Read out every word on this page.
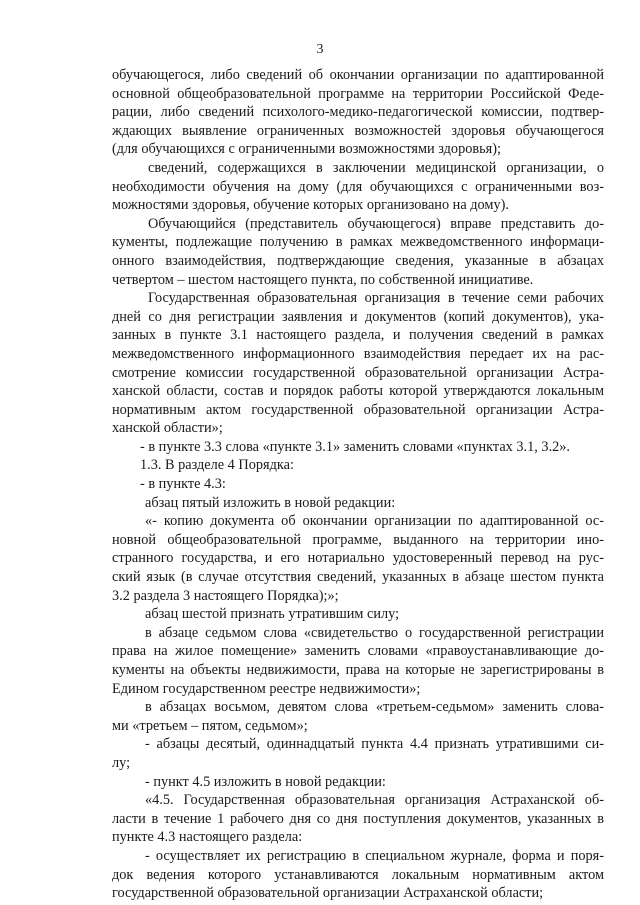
3
обучающегося, либо сведений об окончании организации по адаптированной
основной общеобразовательной программе на территории Российской Феде-
рации, либо сведений психолого-медико-педагогической комиссии, подтвер-
ждающих выявление ограниченных возможностей здоровья обучающегося
(для обучающихся с ограниченными возможностями здоровья);
сведений, содержащихся в заключении медицинской организации, о
необходимости обучения на дому (для обучающихся с ограниченными воз-
можностями здоровья, обучение которых организовано на дому).
Обучающийся (представитель обучающегося) вправе представить до-
кументы, подлежащие получению в рамках межведомственного информаци-
онного взаимодействия, подтверждающие сведения, указанные в абзацах
четвертом – шестом настоящего пункта, по собственной инициативе.
Государственная образовательная организация в течение семи рабочих
дней со дня регистрации заявления и документов (копий документов), ука-
занных в пункте 3.1 настоящего раздела, и получения сведений в рамках
межведомственного информационного взаимодействия передает их на рас-
смотрение комиссии государственной образовательной организации Астра-
ханской области, состав и порядок работы которой утверждаются локальным
нормативным актом государственной образовательной организации Астра-
ханской области»;
- в пункте 3.3 слова «пункте 3.1» заменить словами «пунктах 3.1, 3.2».
1.3. В разделе 4 Порядка:
- в пункте 4.3:
абзац пятый изложить в новой редакции:
«- копию документа об окончании организации по адаптированной ос-
новной общеобразовательной программе, выданного на территории ино-
странного государства, и его нотариально удостоверенный перевод на рус-
ский язык (в случае отсутствия сведений, указанных в абзаце шестом пункта
3.2 раздела 3 настоящего Порядка);»;
абзац шестой признать утратившим силу;
в абзаце седьмом слова «свидетельство о государственной регистрации
права на жилое помещение» заменить словами «правоустанавливающие до-
кументы на объекты недвижимости, права на которые не зарегистрированы в
Едином государственном реестре недвижимости»;
в абзацах восьмом, девятом слова «третьем-седьмом» заменить слова-
ми «третьем – пятом, седьмом»;
- абзацы десятый, одиннадцатый пункта 4.4 признать утратившими си-
лу;
- пункт 4.5 изложить в новой редакции:
«4.5. Государственная образовательная организация Астраханской об-
ласти в течение 1 рабочего дня со дня поступления документов, указанных в
пункте 4.3 настоящего раздела:
- осуществляет их регистрацию в специальном журнале, форма и поря-
док ведения которого устанавливаются локальным нормативным актом
государственной образовательной организации Астраханской области;
